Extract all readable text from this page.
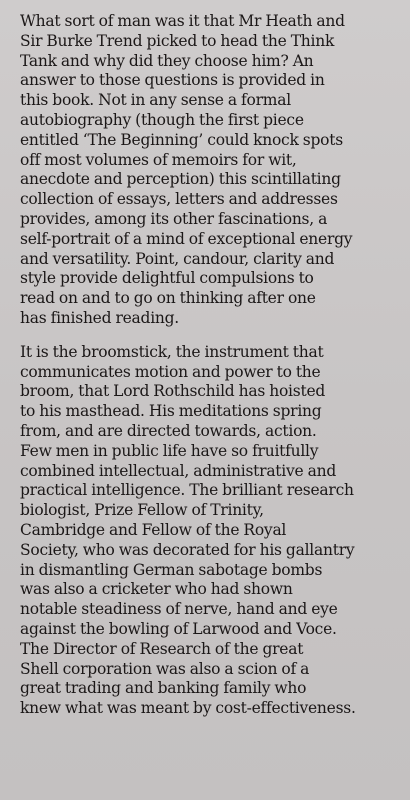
What sort of man was it that Mr Heath and
Sir Burke Trend picked to head the Think
Tank and why did they choose him? An
answer to those questions is provided in
this book. Not in any sense a formal
autobiography (though the first piece
entitled ‘The Beginning’ could knock spots
off most volumes of memoirs for wit,
anecdote and perception) this scintillating
collection of essays, letters and addresses
provides, among its other fascinations, a
self-portrait of a mind of exceptional energy
and versatility. Point, candour, clarity and
style provide delightful compulsions to
read on and to go on thinking after one
has finished reading.

It is the broomstick, the instrument that
communicates motion and power to the
broom, that Lord Rothschild has hoisted
to his masthead. His meditations spring
from, and are directed towards, action.
Few men in public life have so fruitfully
combined intellectual, administrative and
practical intelligence. The brilliant research
biologist, Prize Fellow of Trinity,
Cambridge and Fellow of the Royal
Society, who was decorated for his gallantry
in dismantling German sabotage bombs
was also a cricketer who had shown
notable steadiness of nerve, hand and eye
against the bowling of Larwood and Voce.
The Director of Research of the great
Shell corporation was also a scion of a
great trading and banking family who
knew what was meant by cost-effectiveness.
